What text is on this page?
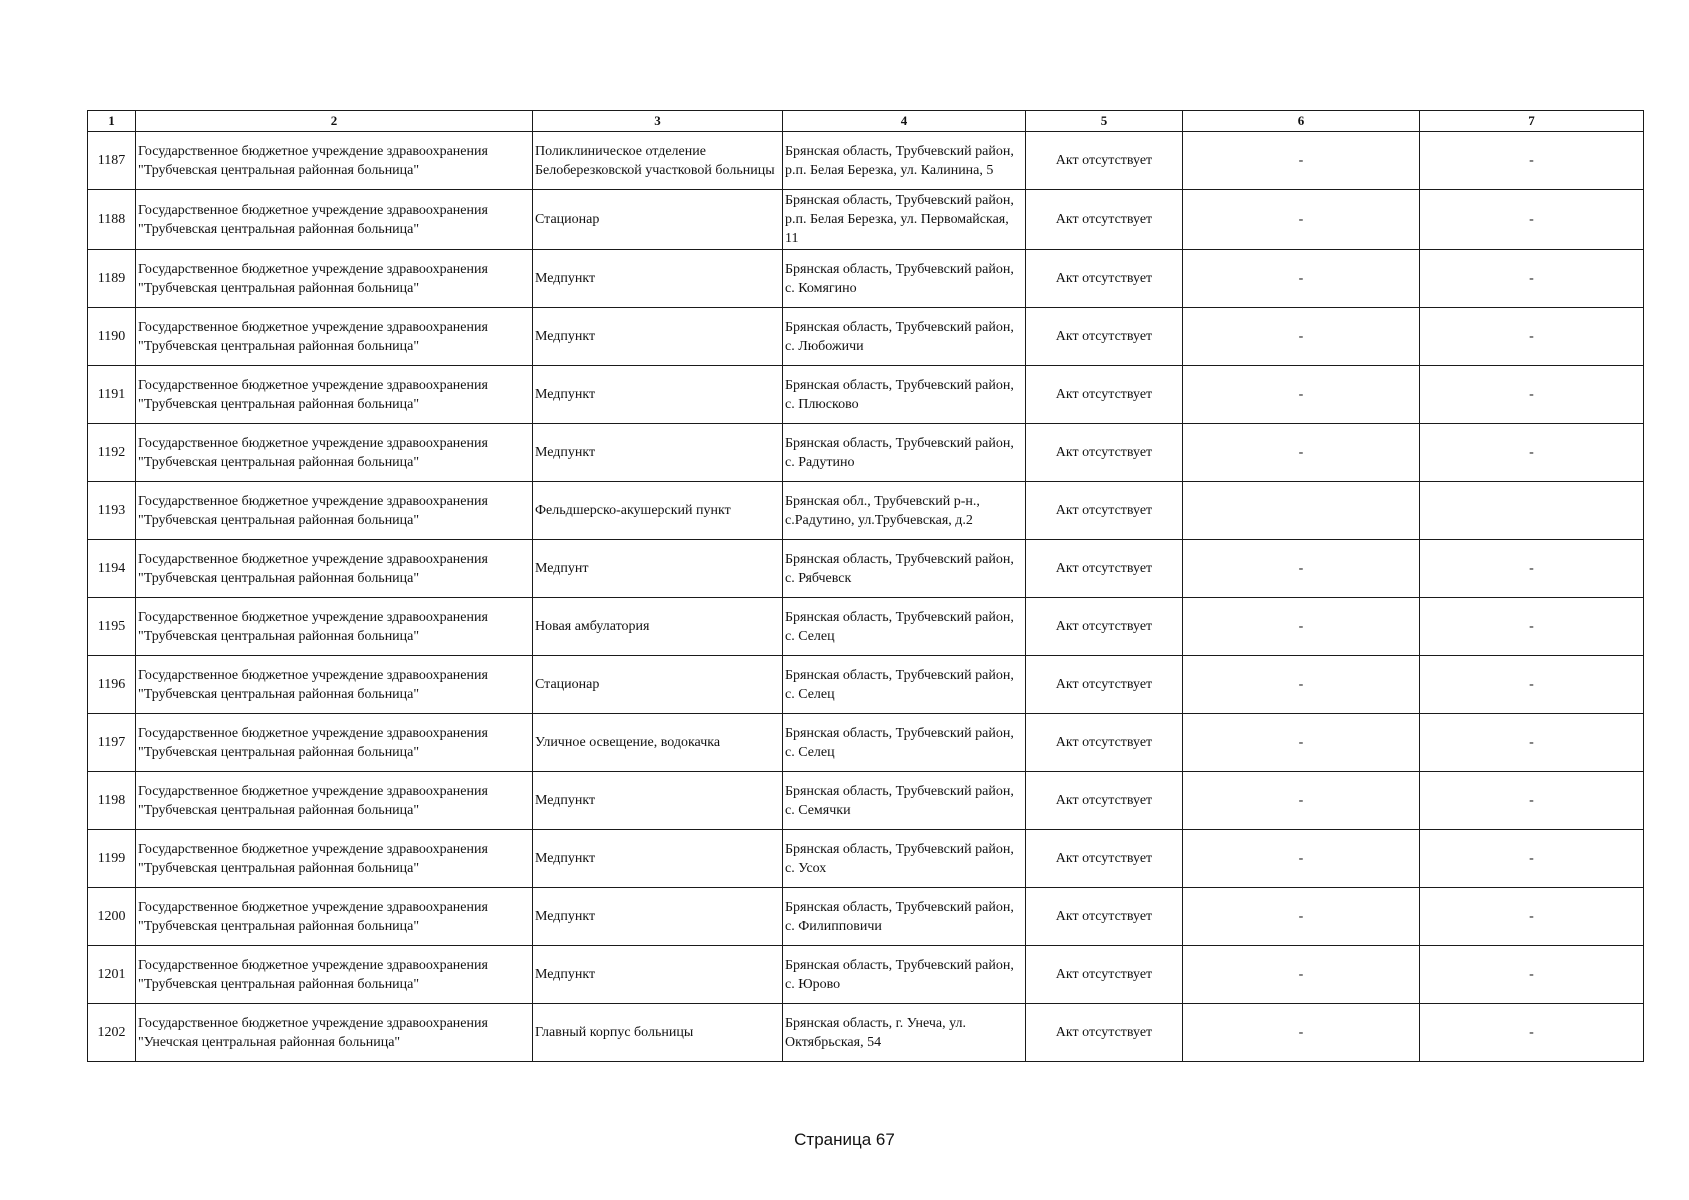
1	2	3	4	5	6	7
1187	Государственное бюджетное учреждение здравоохранения "Трубчевская центральная районная больница"	Поликлиническое отделение Белоберезковской участковой больницы	Брянская область, Трубчевский район, р.п. Белая Березка, ул. Калинина, 5	Акт отсутствует	-	-
1188	Государственное бюджетное учреждение здравоохранения "Трубчевская центральная районная больница"	Стационар	Брянская область, Трубчевский район, р.п. Белая Березка, ул. Первомайская, 11	Акт отсутствует	-	-
1189	Государственное бюджетное учреждение здравоохранения "Трубчевская центральная районная больница"	Медпункт	Брянская область, Трубчевский район, с. Комягино	Акт отсутствует	-	-
1190	Государственное бюджетное учреждение здравоохранения "Трубчевская центральная районная больница"	Медпункт	Брянская область, Трубчевский район, с. Любожичи	Акт отсутствует	-	-
1191	Государственное бюджетное учреждение здравоохранения "Трубчевская центральная районная больница"	Медпункт	Брянская область, Трубчевский район, с. Плюсково	Акт отсутствует	-	-
1192	Государственное бюджетное учреждение здравоохранения "Трубчевская центральная районная больница"	Медпункт	Брянская область, Трубчевский район, с. Радутино	Акт отсутствует	-	-
1193	Государственное бюджетное учреждение здравоохранения "Трубчевская центральная районная больница"	Фельдшерско-акушерский пункт	Брянская обл., Трубчевский р-н., с.Радутино, ул.Трубчевская, д.2	Акт отсутствует		
1194	Государственное бюджетное учреждение здравоохранения "Трубчевская центральная районная больница"	Медпунт	Брянская область, Трубчевский район, с. Рябчевск	Акт отсутствует	-	-
1195	Государственное бюджетное учреждение здравоохранения "Трубчевская центральная районная больница"	Новая амбулатория	Брянская область, Трубчевский район, с. Селец	Акт отсутствует	-	-
1196	Государственное бюджетное учреждение здравоохранения "Трубчевская центральная районная больница"	Стационар	Брянская область, Трубчевский район, с. Селец	Акт отсутствует	-	-
1197	Государственное бюджетное учреждение здравоохранения "Трубчевская центральная районная больница"	Уличное освещение, водокачка	Брянская область, Трубчевский район, с. Селец	Акт отсутствует	-	-
1198	Государственное бюджетное учреждение здравоохранения "Трубчевская центральная районная больница"	Медпункт	Брянская область, Трубчевский район, с. Семячки	Акт отсутствует	-	-
1199	Государственное бюджетное учреждение здравоохранения "Трубчевская центральная районная больница"	Медпункт	Брянская область, Трубчевский район, с. Усох	Акт отсутствует	-	-
1200	Государственное бюджетное учреждение здравоохранения "Трубчевская центральная районная больница"	Медпункт	Брянская область, Трубчевский район, с. Филипповичи	Акт отсутствует	-	-
1201	Государственное бюджетное учреждение здравоохранения "Трубчевская центральная районная больница"	Медпункт	Брянская область, Трубчевский район, с. Юрово	Акт отсутствует	-	-
1202	Государственное бюджетное учреждение здравоохранения "Унечская центральная районная больница"	Главный корпус больницы	Брянская область, г. Унеча, ул. Октябрьская, 54	Акт отсутствует	-	-
Страница 67
